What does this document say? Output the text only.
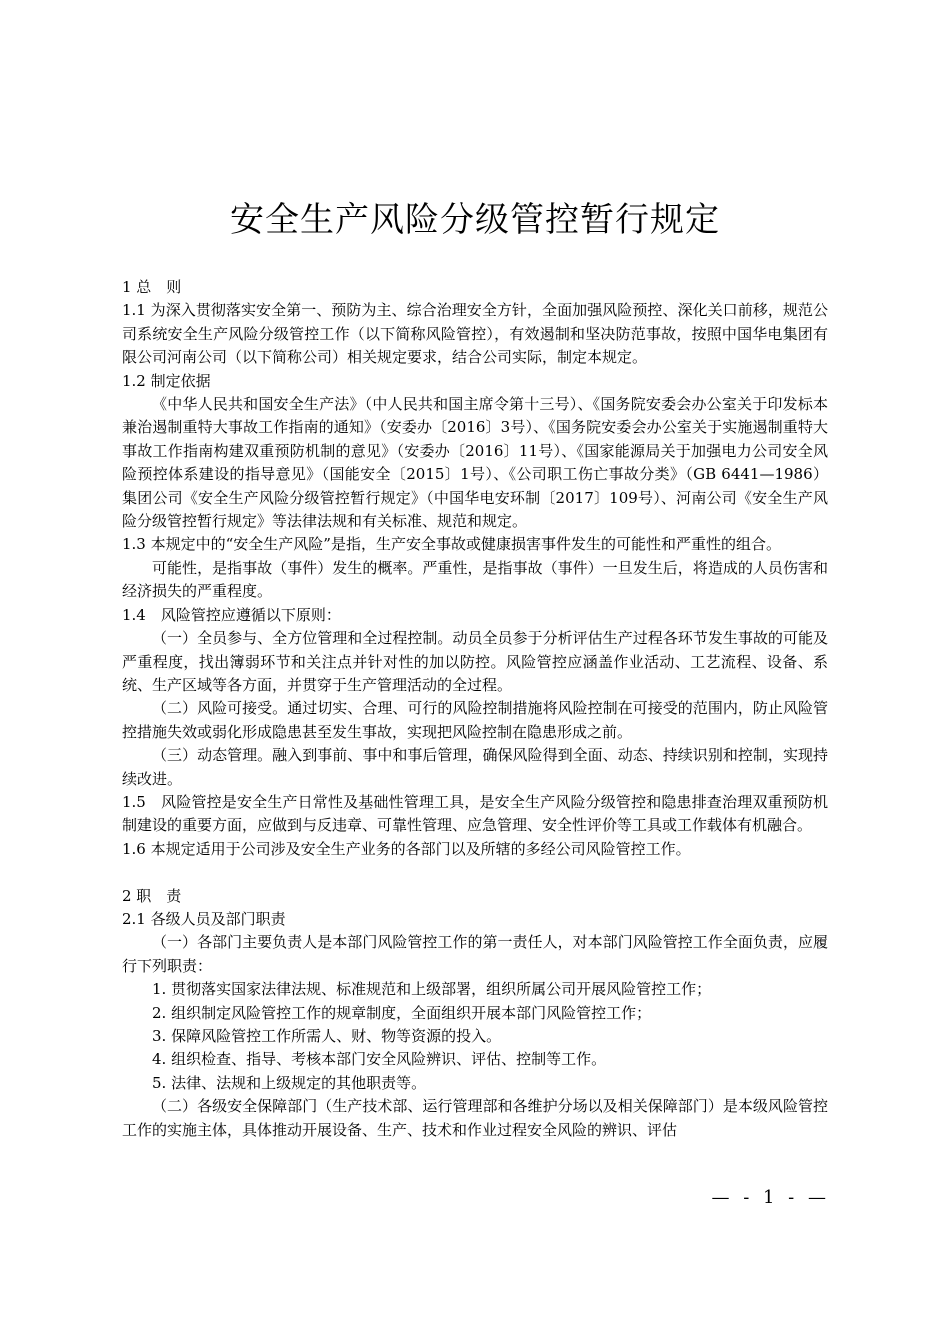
安全生产风险分级管控暂行规定

1 总　则

1.1 为深入贯彻落实安全第一、预防为主、综合治理安全方针，全面加强风险预控、深化关口前移，规范公司系统安全生产风险分级管控工作（以下简称风险管控），有效遏制和坚决防范事故，按照中国华电集团有限公司河南公司（以下简称公司）相关规定要求，结合公司实际，制定本规定。

1.2 制定依据

《中华人民共和国安全生产法》（中人民共和国主席令第十三号）、《国务院安委会办公室关于印发标本兼治遏制重特大事故工作指南的通知》（安委办〔2016〕3号）、《国务院安委会办公室关于实施遏制重特大事故工作指南构建双重预防机制的意见》（安委办〔2016〕11号）、《国家能源局关于加强电力公司安全风险预控体系建设的指导意见》（国能安全〔2015〕1号）、《公司职工伤亡事故分类》（GB 6441—1986）集团公司《安全生产风险分级管控暂行规定》（中国华电安环制〔2017〕109号）、河南公司《安全生产风险分级管控暂行规定》等法律法规和有关标准、规范和规定。

1.3 本规定中的“安全生产风险”是指，生产安全事故或健康损害事件发生的可能性和严重性的组合。

可能性，是指事故（事件）发生的概率。严重性，是指事故（事件）一旦发生后，将造成的人员伤害和经济损失的严重程度。

1.4　风险管控应遵循以下原则：

（一）全员参与、全方位管理和全过程控制。动员全员参于分析评估生产过程各环节发生事故的可能及严重程度，找出簿弱环节和关注点并针对性的加以防控。风险管控应涵盖作业活动、工艺流程、设备、系统、生产区域等各方面，并贯穿于生产管理活动的全过程。

（二）风险可接受。通过切实、合理、可行的风险控制措施将风险控制在可接受的范围内，防止风险管控措施失效或弱化形成隐患甚至发生事故，实现把风险控制在隐患形成之前。

（三）动态管理。融入到事前、事中和事后管理，确保风险得到全面、动态、持续识别和控制，实现持续改进。

1.5　风险管控是安全生产日常性及基础性管理工具，是安全生产风险分级管控和隐患排查治理双重预防机制建设的重要方面，应做到与反违章、可靠性管理、应急管理、安全性评价等工具或工作载体有机融合。

1.6 本规定适用于公司涉及安全生产业务的各部门以及所辖的多经公司风险管控工作。

2 职　责

2.1 各级人员及部门职责

（一）各部门主要负责人是本部门风险管控工作的第一责任人，对本部门风险管控工作全面负责，应履行下列职责：

1. 贯彻落实国家法律法规、标准规范和上级部署，组织所属公司开展风险管控工作；

2. 组织制定风险管控工作的规章制度，全面组织开展本部门风险管控工作；

3. 保障风险管控工作所需人、财、物等资源的投入。

4. 组织检查、指导、考核本部门安全风险辨识、评估、控制等工作。

5. 法律、法规和上级规定的其他职责等。

（二）各级安全保障部门（生产技术部、运行管理部和各维护分场以及相关保障部门）是本级风险管控工作的实施主体，具体推动开展设备、生产、技术和作业过程安全风险的辨识、评估

— - 1 - —
